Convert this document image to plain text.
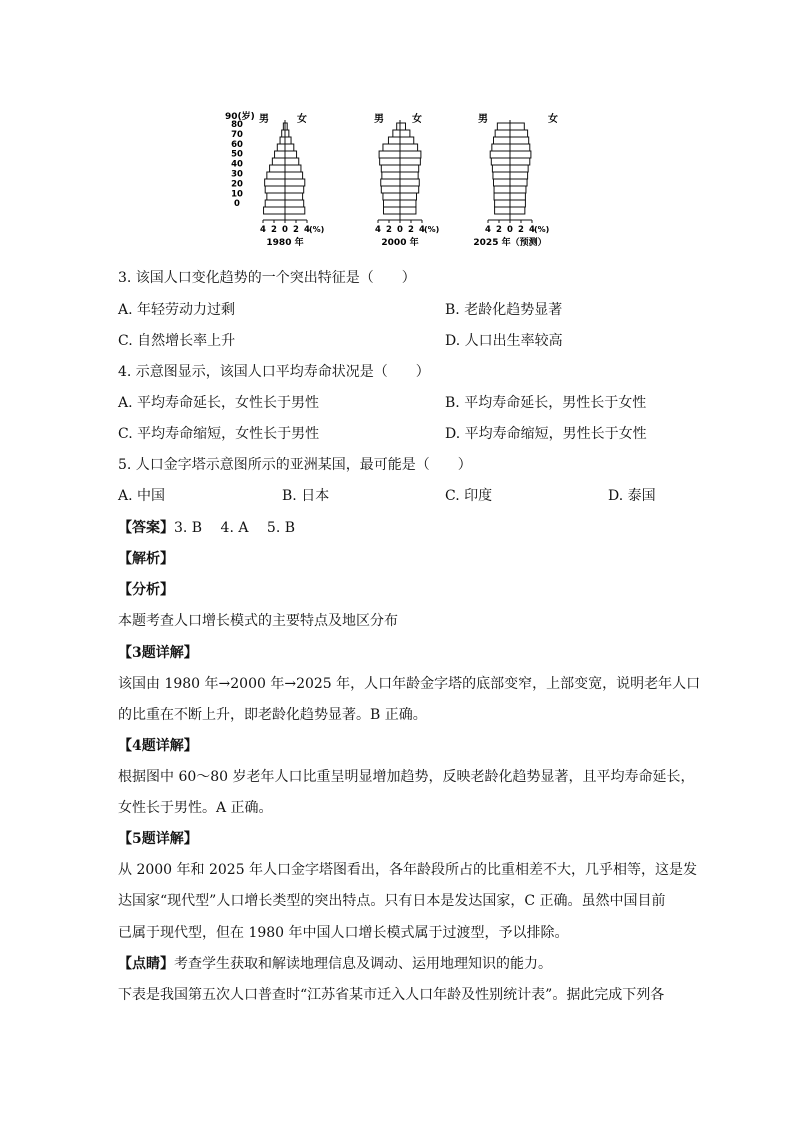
90(岁)
80
70
60
50
40
30
20
10
0
4 2 0 2 4 (%)
1980 年
男	女
4 2 0 2 4 (%)
2000 年
男	女
4 2 0 2 4 (%)
2025 年（预测）
男	女
3. 该国人口变化趋势的一个突出特征是（　　）
A. 年轻劳动力过剩	B. 老龄化趋势显著
C. 自然增长率上升	D. 人口出生率较高
4. 示意图显示，该国人口平均寿命状况是（　　）
A. 平均寿命延长，女性长于男性	B. 平均寿命延长，男性长于女性
C. 平均寿命缩短，女性长于男性	D. 平均寿命缩短，男性长于女性
5. 人口金字塔示意图所示的亚洲某国，最可能是（　　）
A. 中国	B. 日本	C. 印度	D. 泰国
【答案】3. B　 4. A　 5. B
【解析】
【分析】
本题考查人口增长模式的主要特点及地区分布
【3题详解】
该国由 1980 年→2000 年→2025 年，人口年龄金字塔的底部变窄，上部变宽，说明老年人口
的比重在不断上升，即老龄化趋势显著。B 正确。
【4题详解】
根据图中 60～80 岁老年人口比重呈明显增加趋势，反映老龄化趋势显著，且平均寿命延长，
女性长于男性。A 正确。
【5题详解】
从 2000 年和 2025 年人口金字塔图看出，各年龄段所占的比重相差不大，几乎相等，这是发
达国家“现代型”人口增长类型的突出特点。只有日本是发达国家，C 正确。虽然中国目前
已属于现代型，但在 1980 年中国人口增长模式属于过渡型，予以排除。
【点睛】考查学生获取和解读地理信息及调动、运用地理知识的能力。
下表是我国第五次人口普查时“江苏省某市迁入人口年龄及性别统计表”。据此完成下列各
